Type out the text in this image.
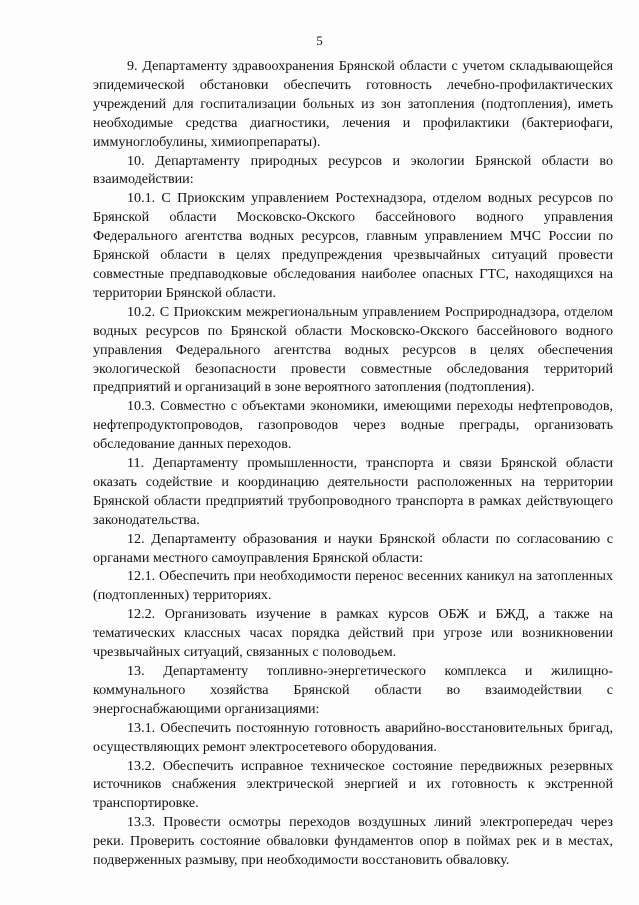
5

9. Департаменту здравоохранения Брянской области с учетом складывающейся эпидемической обстановки обеспечить готовность лечебно-профилактических учреждений для госпитализации больных из зон затопления (подтопления), иметь необходимые средства диагностики, лечения и профилактики (бактериофаги, иммуноглобулины, химиопрепараты).

10. Департаменту природных ресурсов и экологии Брянской области во взаимодействии:

10.1. С Приокским управлением Ростехнадзора, отделом водных ресурсов по Брянской области Московско-Окского бассейнового водного управления Федерального агентства водных ресурсов, главным управлением МЧС России по Брянской области в целях предупреждения чрезвычайных ситуаций провести совместные предпаводковые обследования наиболее опасных ГТС, находящихся на территории Брянской области.

10.2. С Приокским межрегиональным управлением Росприроднадзора, отделом водных ресурсов по Брянской области Московско-Окского бассейнового водного управления Федерального агентства водных ресурсов в целях обеспечения экологической безопасности провести совместные обследования территорий предприятий и организаций в зоне вероятного затопления (подтопления).

10.3. Совместно с объектами экономики, имеющими переходы нефтепроводов, нефтепродуктопроводов, газопроводов через водные преграды, организовать обследование данных переходов.

11. Департаменту промышленности, транспорта и связи Брянской области оказать содействие и координацию деятельности расположенных на территории Брянской области предприятий трубопроводного транспорта в рамках действующего законодательства.

12. Департаменту образования и науки Брянской области по согласованию с органами местного самоуправления Брянской области:

12.1. Обеспечить при необходимости перенос весенних каникул на затопленных (подтопленных) территориях.

12.2. Организовать изучение в рамках курсов ОБЖ и БЖД, а также на тематических классных часах порядка действий при угрозе или возникновении чрезвычайных ситуаций, связанных с половодьем.

13. Департаменту топливно-энергетического комплекса и жилищно-коммунального хозяйства Брянской области во взаимодействии с энергоснабжающими организациями:

13.1. Обеспечить постоянную готовность аварийно-восстановительных бригад, осуществляющих ремонт электросетевого оборудования.

13.2. Обеспечить исправное техническое состояние передвижных резервных источников снабжения электрической энергией и их готовность к экстренной транспортировке.

13.3. Провести осмотры переходов воздушных линий электропередач через реки. Проверить состояние обваловки фундаментов опор в поймах рек и в местах, подверженных размыву, при необходимости восстановить обваловку.
